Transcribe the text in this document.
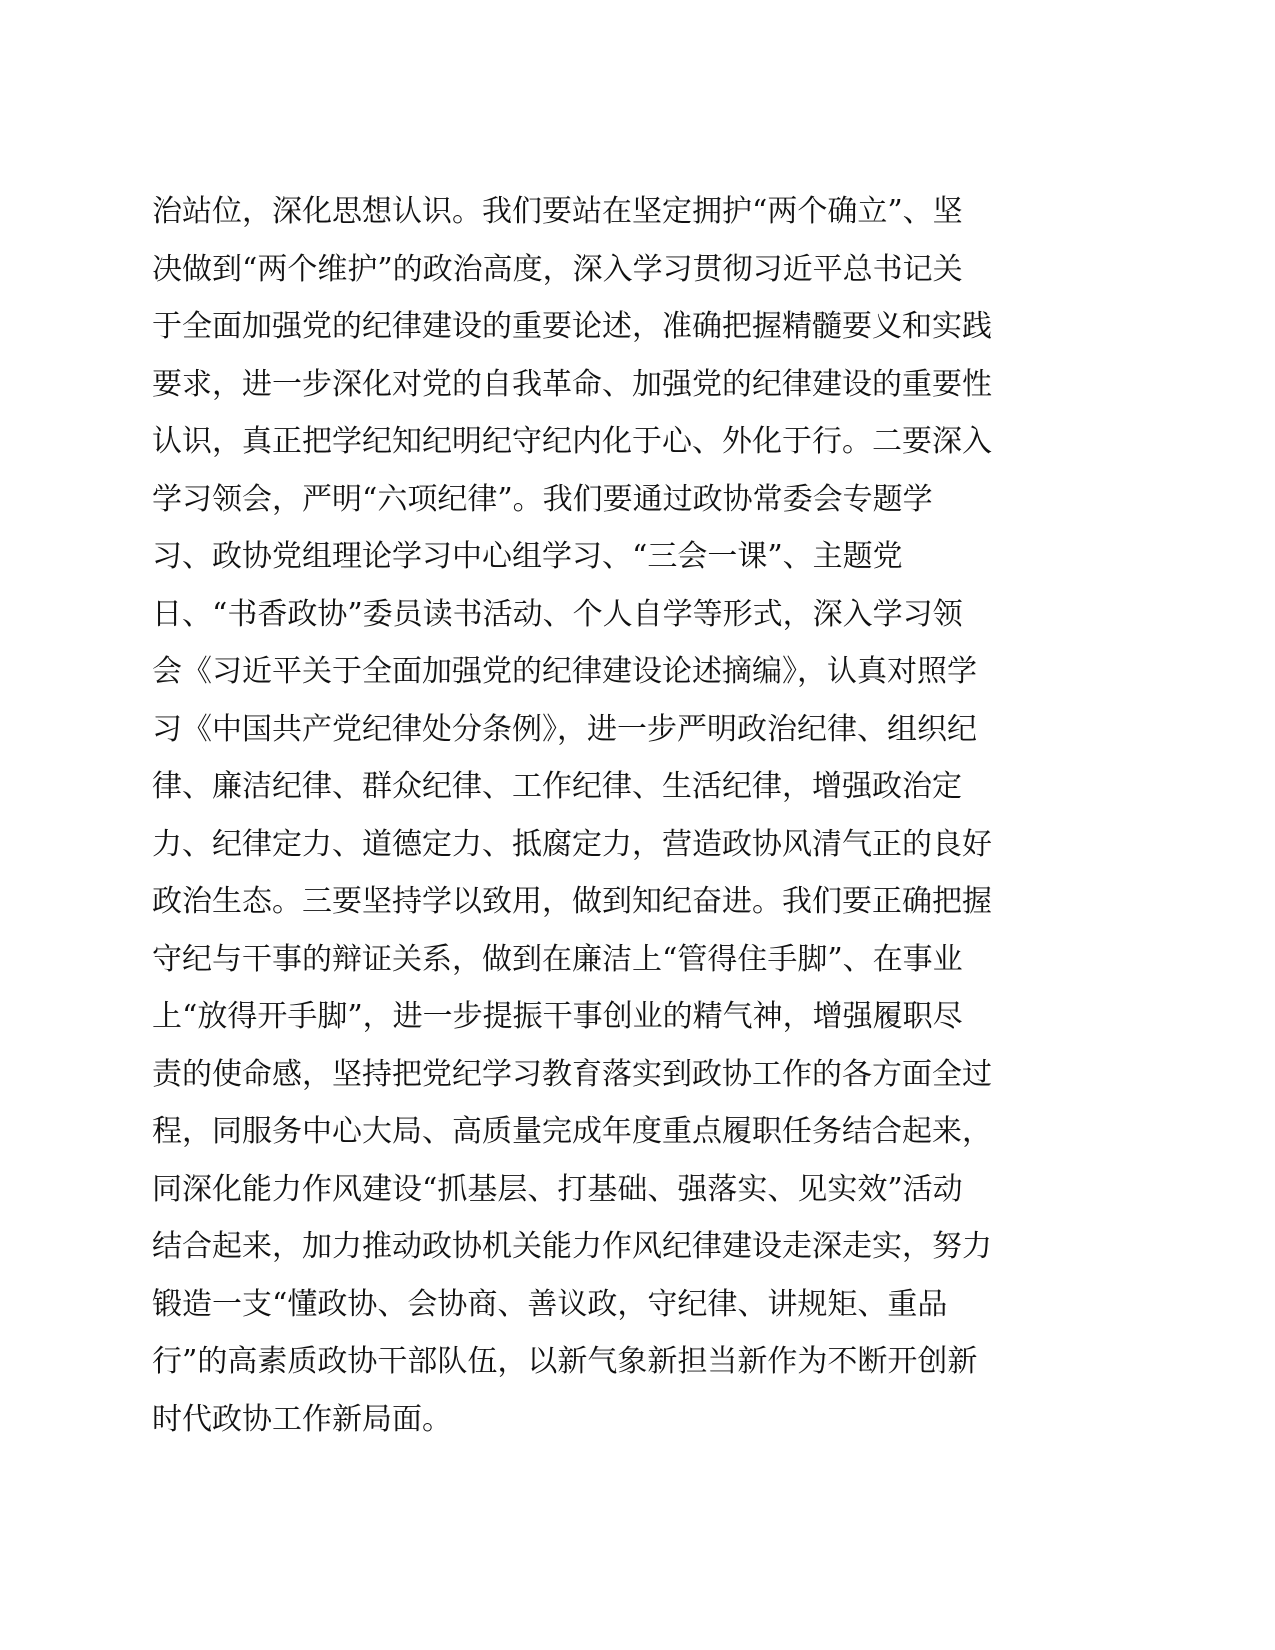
治站位，深化思想认识。我们要站在坚定拥护“两个确立”、坚
决做到“两个维护”的政治高度，深入学习贯彻习近平总书记关
于全面加强党的纪律建设的重要论述，准确把握精髓要义和实践
要求，进一步深化对党的自我革命、加强党的纪律建设的重要性
认识，真正把学纪知纪明纪守纪内化于心、外化于行。二要深入
学习领会，严明“六项纪律”。我们要通过政协常委会专题学
习、政协党组理论学习中心组学习、“三会一课”、主题党
日、“书香政协”委员读书活动、个人自学等形式，深入学习领
会《习近平关于全面加强党的纪律建设论述摘编》，认真对照学
习《中国共产党纪律处分条例》，进一步严明政治纪律、组织纪
律、廉洁纪律、群众纪律、工作纪律、生活纪律，增强政治定
力、纪律定力、道德定力、抵腐定力，营造政协风清气正的良好
政治生态。三要坚持学以致用，做到知纪奋进。我们要正确把握
守纪与干事的辩证关系，做到在廉洁上“管得住手脚”、在事业
上“放得开手脚”，进一步提振干事创业的精气神，增强履职尽
责的使命感，坚持把党纪学习教育落实到政协工作的各方面全过
程，同服务中心大局、高质量完成年度重点履职任务结合起来，
同深化能力作风建设“抓基层、打基础、强落实、见实效”活动
结合起来，加力推动政协机关能力作风纪律建设走深走实，努力
锻造一支“懂政协、会协商、善议政，守纪律、讲规矩、重品
行”的高素质政协干部队伍，以新气象新担当新作为不断开创新
时代政协工作新局面。
